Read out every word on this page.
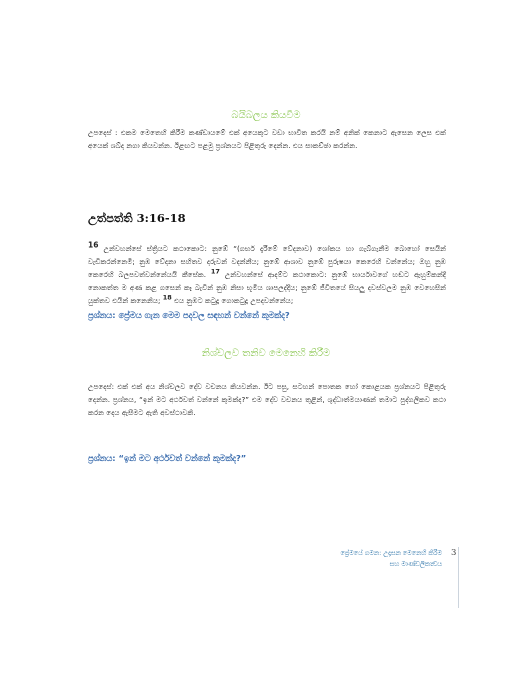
බයිබලය කියවීම

උපදෙස් : එකම මෙතෙහි කිරීම කණ්ඩායමේ එක් අයෙකුට වඩා භාවිත කරයි නම් අනික් කෙනාට ඇසෙන ලෙස එක් අයෙක් ශබ්ද නගා කියවන්න. ඊළඟට පළමු ප්‍රශ්නයට පිළිතුරු දෙන්න. එය සාකච්ඡා කරන්න.

උත්පත්ති 3:16-18

16 උන්වහන්සේ ස්ත්‍රියට කථාකොට: නුඹේ “(ගර්භ දැරීමේ වේදනාව) ශෝකය හා ගැබ්ගැනීම බොහෝ සෙයින් වැඩිකරන්නෙමි; නුඹ වේදනා සහිතව දරුවන් වදන්නීය; නුඹේ ආශාව නුඹේ පුරුෂයා කෙරෙහි වන්නේය; ඔහු නුඹ කෙරෙහි බලපවත්වන්නේයයි කීසේක. 17 උන්වහන්සේ ආදම්ට කථාකොට: නුඹේ භාර්යාවගේ හඬට ඇහුම්කන්දී නොකත්ත ම අණ කළ ගසෙන් කෑ බැවින් නුඹ නිසා භූමිය ශාපලද්දීය; නුඹේ ජීවිතයේ සියලු දවස්වලම නුඹ වෙහෙසින් යුක්තව එයින් කනෙනිය; 18 එය නුඹට කටුදූ ගොකටුදූ උපදවන්නේය;

ප්‍රශ්නය: ප්‍රේමය ගැන මෙම පදවල සඳහන් වන්නේ කුමක්ද?
නිශ්චලව තනිව මෙනෙහි කිරීම

උපදෙස්: එක් එක් අය නිශ්චලව දේව වචනය කියවන්න. ඊට පසු, සටහන් පොතක හෝ කොළයක ප්‍රශ්නයට පිළිතුරු දෙන්න. ප්‍රශ්නය, “ඉන් මට අර්ථවත් වන්නේ කුමක්ද?” එම දේව වචනය තුළින්, ශුද්ධාත්මයාණන් තමාට පුද්ගලිකව කථා කරන දෙය ඇසීමට ඇති අවස්ථාවකි.

ප්‍රශ්නය: “ඉන් මට අර්ථවත් වන්නේ කුමක්ද?”
ප්‍රේමයේ ගමන: උදෑසන මෙනෙහි කිරීම
සහ මාණ්ඩලිකත්‍වය
3
